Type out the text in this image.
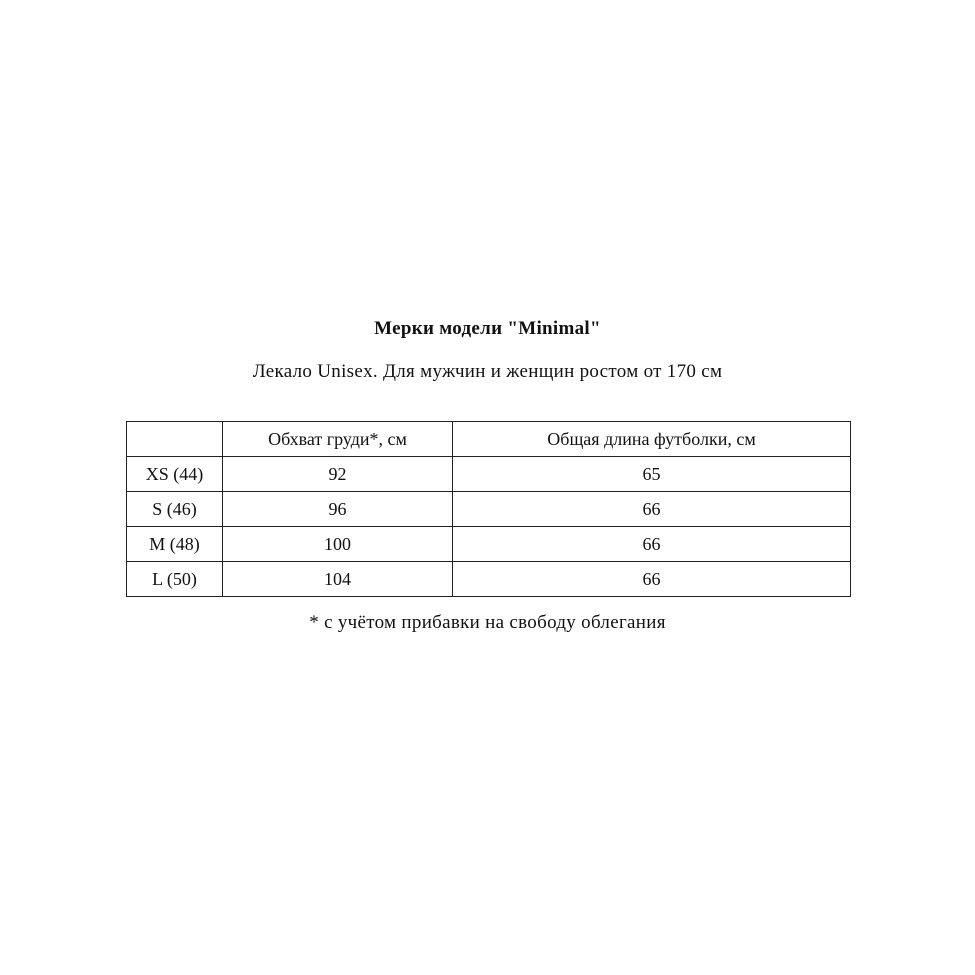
Мерки модели "Minimal"
Лекало Unisex. Для мужчин и женщин ростом от 170 см
	Обхват груди*, см	Общая длина футболки, см
XS (44)	92	65
S (46)	96	66
M (48)	100	66
L (50)	104	66
* с учётом прибавки на свободу облегания
